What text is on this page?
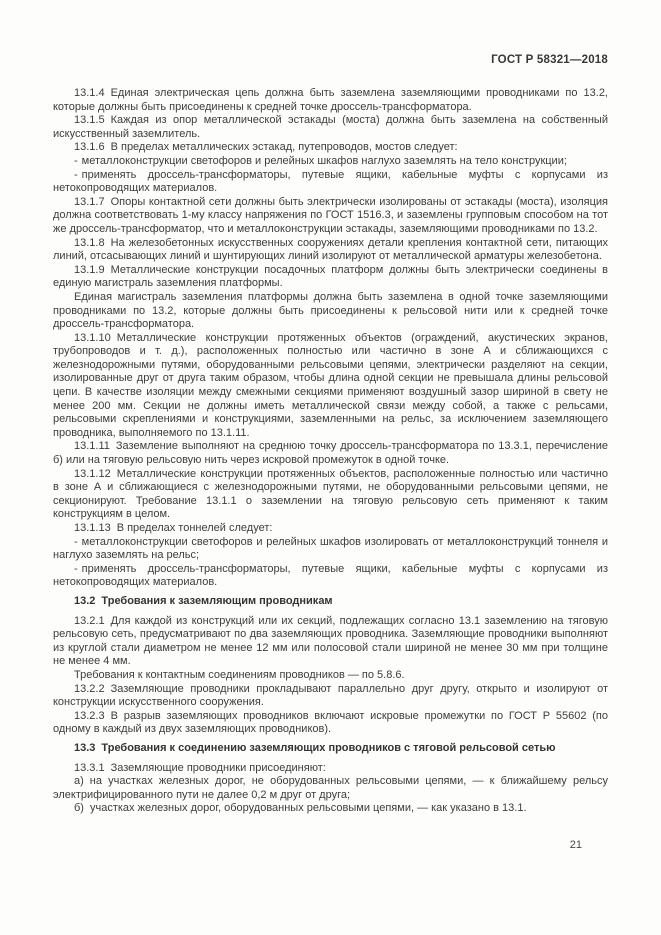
ГОСТ Р 58321—2018
13.1.4 Единая электрическая цепь должна быть заземлена заземляющими проводниками по 13.2, которые должны быть присоединены к средней точке дроссель-трансформатора.
13.1.5 Каждая из опор металлической эстакады (моста) должна быть заземлена на собственный искусственный заземлитель.
13.1.6 В пределах металлических эстакад, путепроводов, мостов следует:
- металлоконструкции светофоров и релейных шкафов наглухо заземлять на тело конструкции;
- применять дроссель-трансформаторы, путевые ящики, кабельные муфты с корпусами из нетокопроводящих материалов.
13.1.7 Опоры контактной сети должны быть электрически изолированы от эстакады (моста), изоляция должна соответствовать 1-му классу напряжения по ГОСТ 1516.3, и заземлены групповым способом на тот же дроссель-трансформатор, что и металлоконструкции эстакады, заземляющими проводниками по 13.2.
13.1.8 На железобетонных искусственных сооружениях детали крепления контактной сети, питающих линий, отсасывающих линий и шунтирующих линий изолируют от металлической арматуры железобетона.
13.1.9 Металлические конструкции посадочных платформ должны быть электрически соединены в единую магистраль заземления платформы.
Единая магистраль заземления платформы должна быть заземлена в одной точке заземляющими проводниками по 13.2, которые должны быть присоединены к рельсовой нити или к средней точке дроссель-трансформатора.
13.1.10 Металлические конструкции протяженных объектов (ограждений, акустических экранов, трубопроводов и т. д.), расположенных полностью или частично в зоне А и сближающихся с железнодорожными путями, оборудованными рельсовыми цепями, электрически разделяют на секции, изолированные друг от друга таким образом, чтобы длина одной секции не превышала длины рельсовой цепи. В качестве изоляции между смежными секциями применяют воздушный зазор шириной в свету не менее 200 мм. Секции не должны иметь металлической связи между собой, а также с рельсами, рельсовыми скреплениями и конструкциями, заземленными на рельс, за исключением заземляющего проводника, выполняемого по 13.1.11.
13.1.11 Заземление выполняют на среднюю точку дроссель-трансформатора по 13.3.1, перечисление б) или на тяговую рельсовую нить через искровой промежуток в одной точке.
13.1.12 Металлические конструкции протяженных объектов, расположенные полностью или частично в зоне А и сближающиеся с железнодорожными путями, не оборудованными рельсовыми цепями, не секционируют. Требование 13.1.1 о заземлении на тяговую рельсовую сеть применяют к таким конструкциям в целом.
13.1.13 В пределах тоннелей следует:
- металлоконструкции светофоров и релейных шкафов изолировать от металлоконструкций тоннеля и наглухо заземлять на рельс;
- применять дроссель-трансформаторы, путевые ящики, кабельные муфты с корпусами из нетокопроводящих материалов.
13.2 Требования к заземляющим проводникам
13.2.1 Для каждой из конструкций или их секций, подлежащих согласно 13.1 заземлению на тяговую рельсовую сеть, предусматривают по два заземляющих проводника. Заземляющие проводники выполняют из круглой стали диаметром не менее 12 мм или полосовой стали шириной не менее 30 мм при толщине не менее 4 мм.
Требования к контактным соединениям проводников — по 5.8.6.
13.2.2 Заземляющие проводники прокладывают параллельно друг другу, открыто и изолируют от конструкции искусственного сооружения.
13.2.3 В разрыв заземляющих проводников включают искровые промежутки по ГОСТ Р 55602 (по одному в каждый из двух заземляющих проводников).
13.3 Требования к соединению заземляющих проводников с тяговой рельсовой сетью
13.3.1 Заземляющие проводники присоединяют:
а) на участках железных дорог, не оборудованных рельсовыми цепями, — к ближайшему рельсу электрифицированного пути не далее 0,2 м друг от друга;
б) участках железных дорог, оборудованных рельсовыми цепями, — как указано в 13.1.
21
